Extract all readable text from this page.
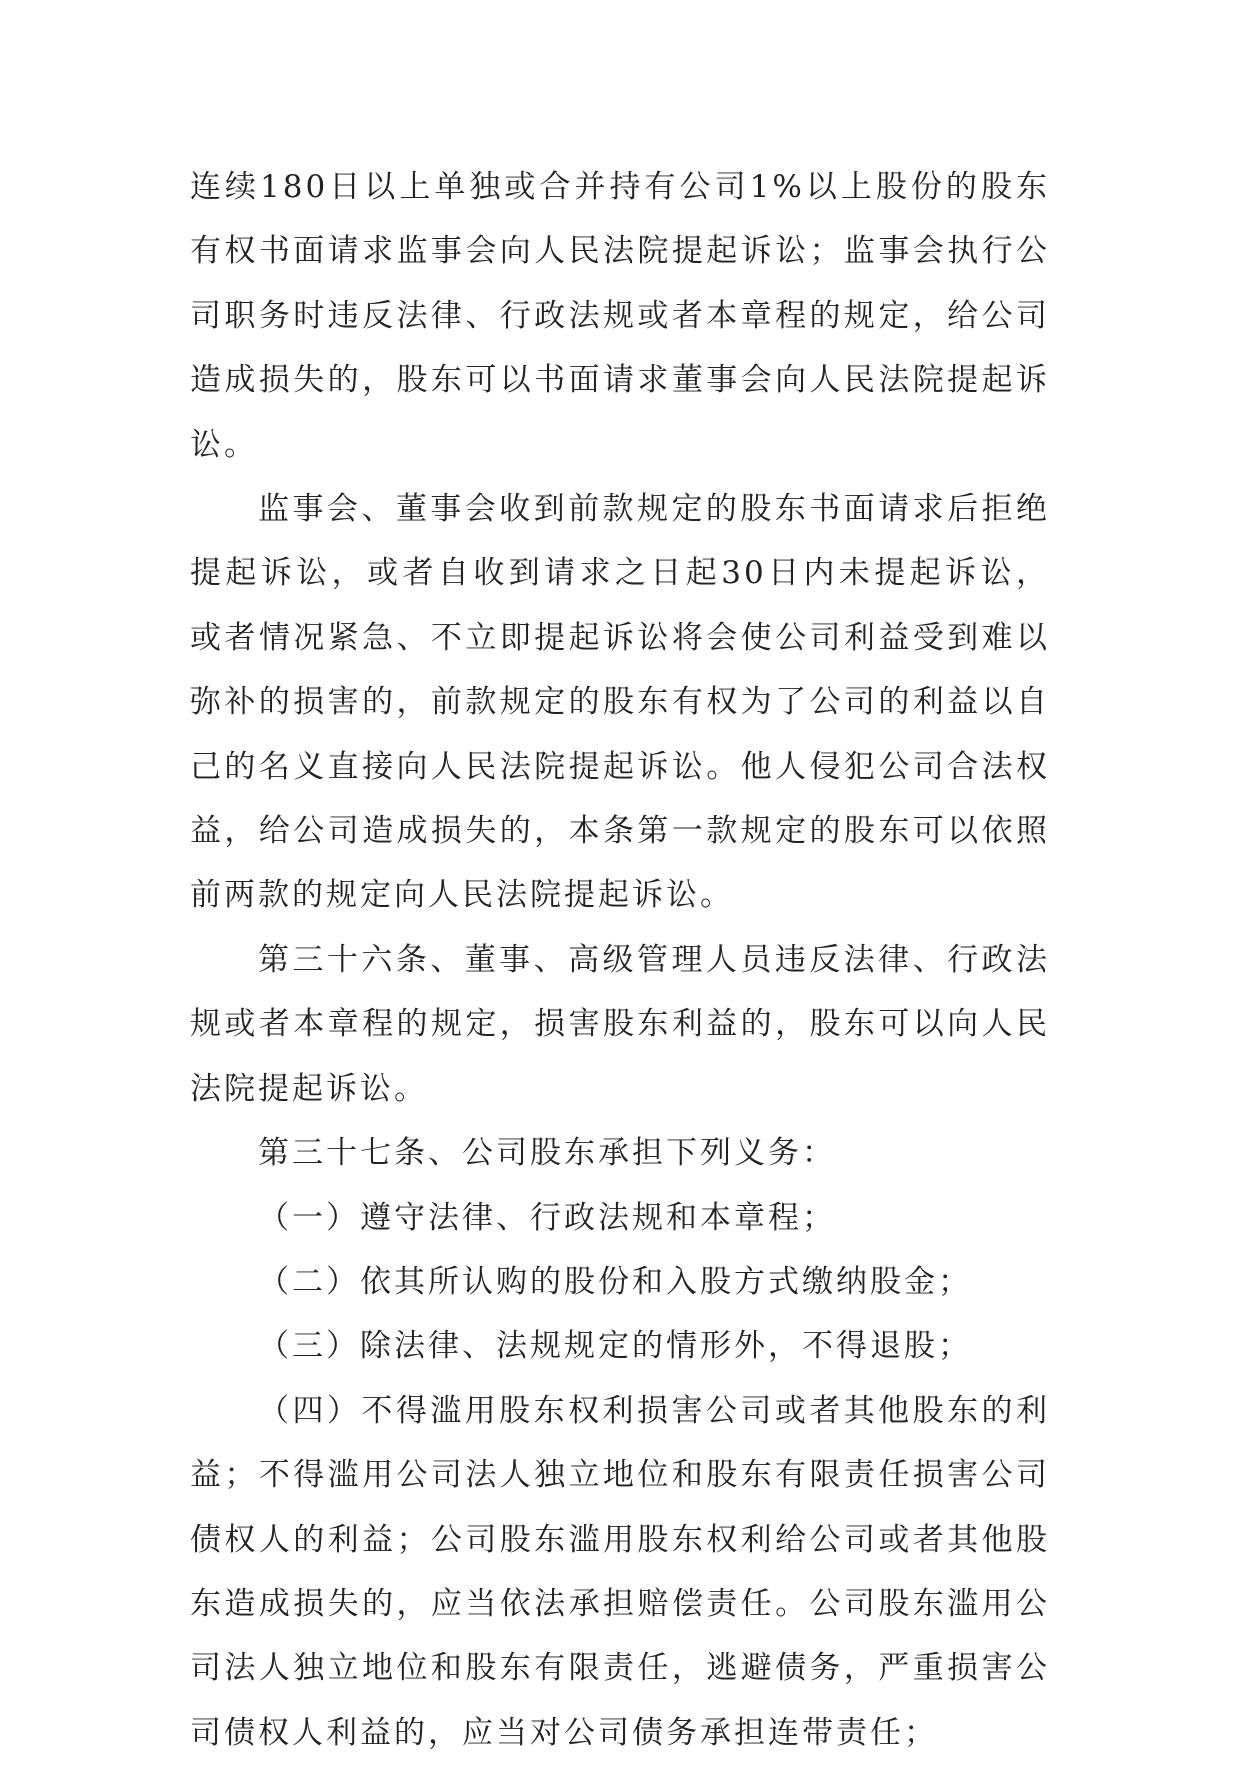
连续180日以上单独或合并持有公司1%以上股份的股东有权书面请求监事会向人民法院提起诉讼；监事会执行公司职务时违反法律、行政法规或者本章程的规定，给公司造成损失的，股东可以书面请求董事会向人民法院提起诉讼。

监事会、董事会收到前款规定的股东书面请求后拒绝提起诉讼，或者自收到请求之日起30日内未提起诉讼，或者情况紧急、不立即提起诉讼将会使公司利益受到难以弥补的损害的，前款规定的股东有权为了公司的利益以自己的名义直接向人民法院提起诉讼。他人侵犯公司合法权益，给公司造成损失的，本条第一款规定的股东可以依照前两款的规定向人民法院提起诉讼。

第三十六条、董事、高级管理人员违反法律、行政法规或者本章程的规定，损害股东利益的，股东可以向人民法院提起诉讼。

第三十七条、公司股东承担下列义务：

（一）遵守法律、行政法规和本章程；

（二）依其所认购的股份和入股方式缴纳股金；

（三）除法律、法规规定的情形外，不得退股；

（四）不得滥用股东权利损害公司或者其他股东的利益；不得滥用公司法人独立地位和股东有限责任损害公司债权人的利益；公司股东滥用股东权利给公司或者其他股东造成损失的，应当依法承担赔偿责任。公司股东滥用公司法人独立地位和股东有限责任，逃避债务，严重损害公司债权人利益的，应当对公司债务承担连带责任；
